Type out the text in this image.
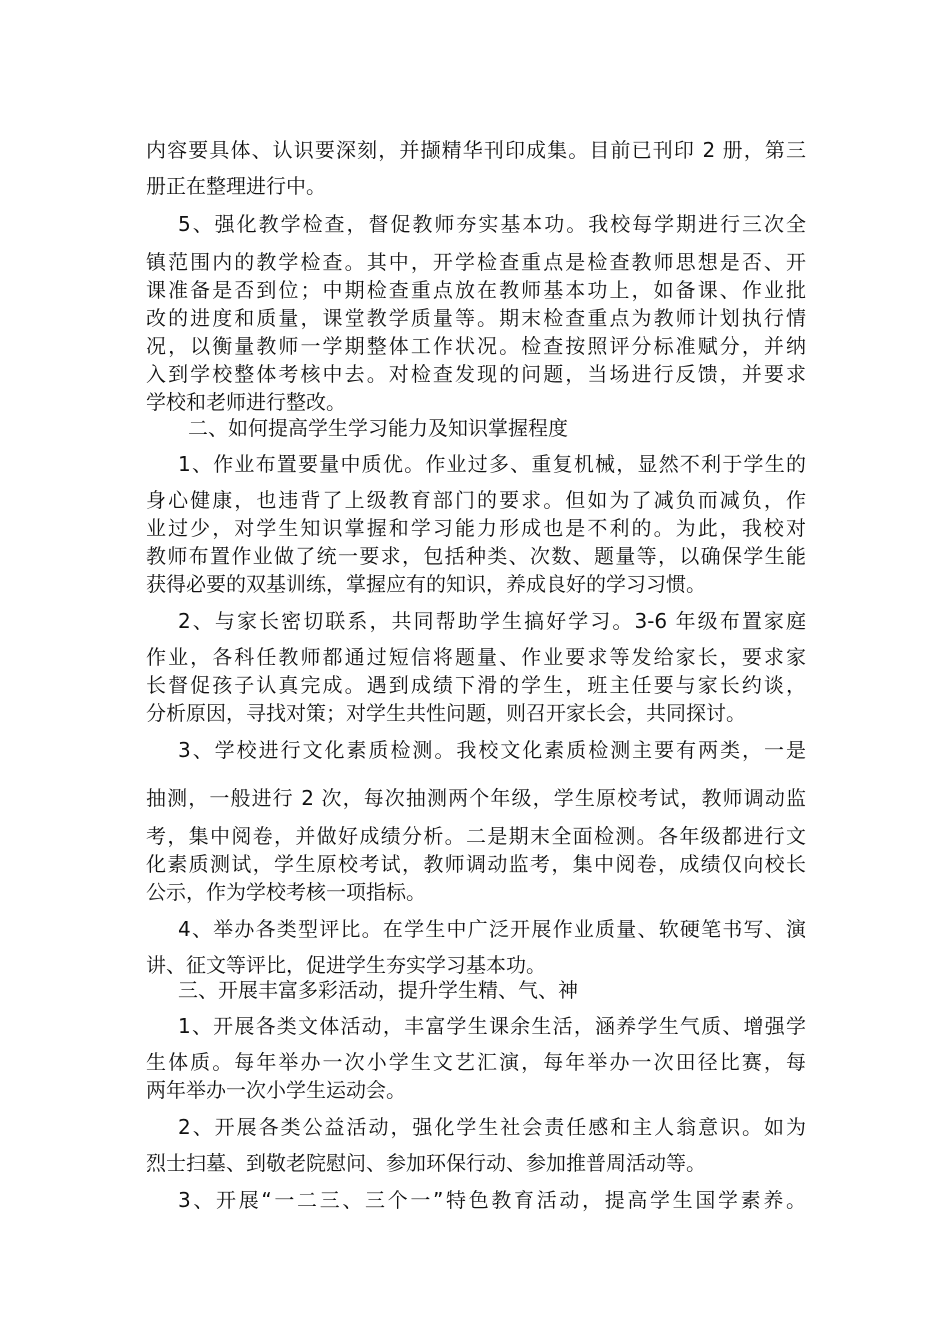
内容要具体、认识要深刻，并撷精华刊印成集。目前已刊印 2 册，第三
册正在整理进行中。
5、强化教学检查，督促教师夯实基本功。我校每学期进行三次全
镇范围内的教学检查。其中，开学检查重点是检查教师思想是否、开
课准备是否到位；中期检查重点放在教师基本功上，如备课、作业批
改的进度和质量，课堂教学质量等。期末检查重点为教师计划执行情
况，以衡量教师一学期整体工作状况。检查按照评分标准赋分，并纳
入到学校整体考核中去。对检查发现的问题，当场进行反馈，并要求
学校和老师进行整改。
二、如何提高学生学习能力及知识掌握程度
1、作业布置要量中质优。作业过多、重复机械，显然不利于学生的
身心健康，也违背了上级教育部门的要求。但如为了减负而减负，作
业过少，对学生知识掌握和学习能力形成也是不利的。为此，我校对
教师布置作业做了统一要求，包括种类、次数、题量等，以确保学生能
获得必要的双基训练，掌握应有的知识，养成良好的学习习惯。
2、与家长密切联系，共同帮助学生搞好学习。3-6 年级布置家庭
作业，各科任教师都通过短信将题量、作业要求等发给家长，要求家
长督促孩子认真完成。遇到成绩下滑的学生，班主任要与家长约谈，
分析原因，寻找对策；对学生共性问题，则召开家长会，共同探讨。
3、学校进行文化素质检测。我校文化素质检测主要有两类，一是
抽测，一般进行 2 次，每次抽测两个年级，学生原校考试，教师调动监
考，集中阅卷，并做好成绩分析。二是期末全面检测。各年级都进行文
化素质测试，学生原校考试，教师调动监考，集中阅卷，成绩仅向校长
公示，作为学校考核一项指标。
4、举办各类型评比。在学生中广泛开展作业质量、软硬笔书写、演
讲、征文等评比，促进学生夯实学习基本功。
三、开展丰富多彩活动，提升学生精、气、神
1、开展各类文体活动，丰富学生课余生活，涵养学生气质、增强学
生体质。每年举办一次小学生文艺汇演，每年举办一次田径比赛，每
两年举办一次小学生运动会。
2、开展各类公益活动，强化学生社会责任感和主人翁意识。如为
烈士扫墓、到敬老院慰问、参加环保行动、参加推普周活动等。
3、开展“一二三、三个一”特色教育活动，提高学生国学素养。
